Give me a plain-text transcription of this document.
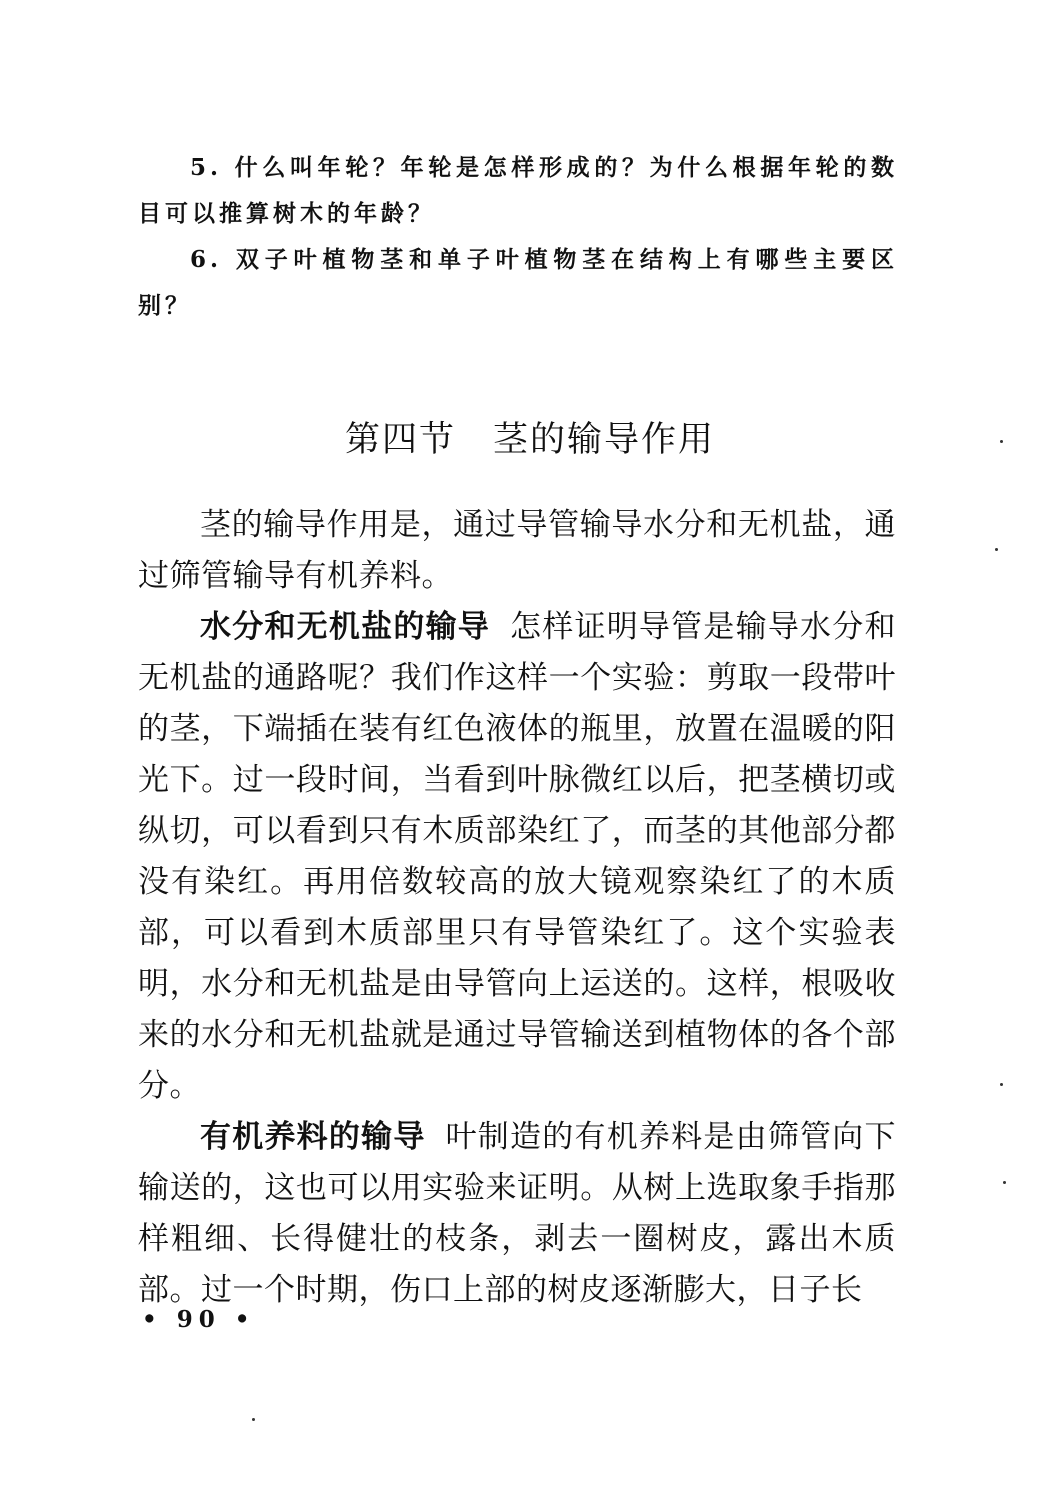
5. 什么叫年轮？年轮是怎样形成的？为什么根据年轮的数目可以推算树木的年龄？

6. 双子叶植物茎和单子叶植物茎在结构上有哪些主要区别？

第四节　茎的输导作用

茎的输导作用是，通过导管输导水分和无机盐，通过筛管输导有机养料。

水分和无机盐的输导 怎样证明导管是输导水分和无机盐的通路呢？我们作这样一个实验：剪取一段带叶的茎，下端插在装有红色液体的瓶里，放置在温暖的阳光下。过一段时间，当看到叶脉微红以后，把茎横切或纵切，可以看到只有木质部染红了，而茎的其他部分都没有染红。再用倍数较高的放大镜观察染红了的木质部，可以看到木质部里只有导管染红了。这个实验表明，水分和无机盐是由导管向上运送的。这样，根吸收来的水分和无机盐就是通过导管输送到植物体的各个部分。

有机养料的输导 叶制造的有机养料是由筛管向下输送的，这也可以用实验来证明。从树上选取象手指那样粗细、长得健壮的枝条，剥去一圈树皮，露出木质部。过一个时期，伤口上部的树皮逐渐膨大，日子长

• 90 •
